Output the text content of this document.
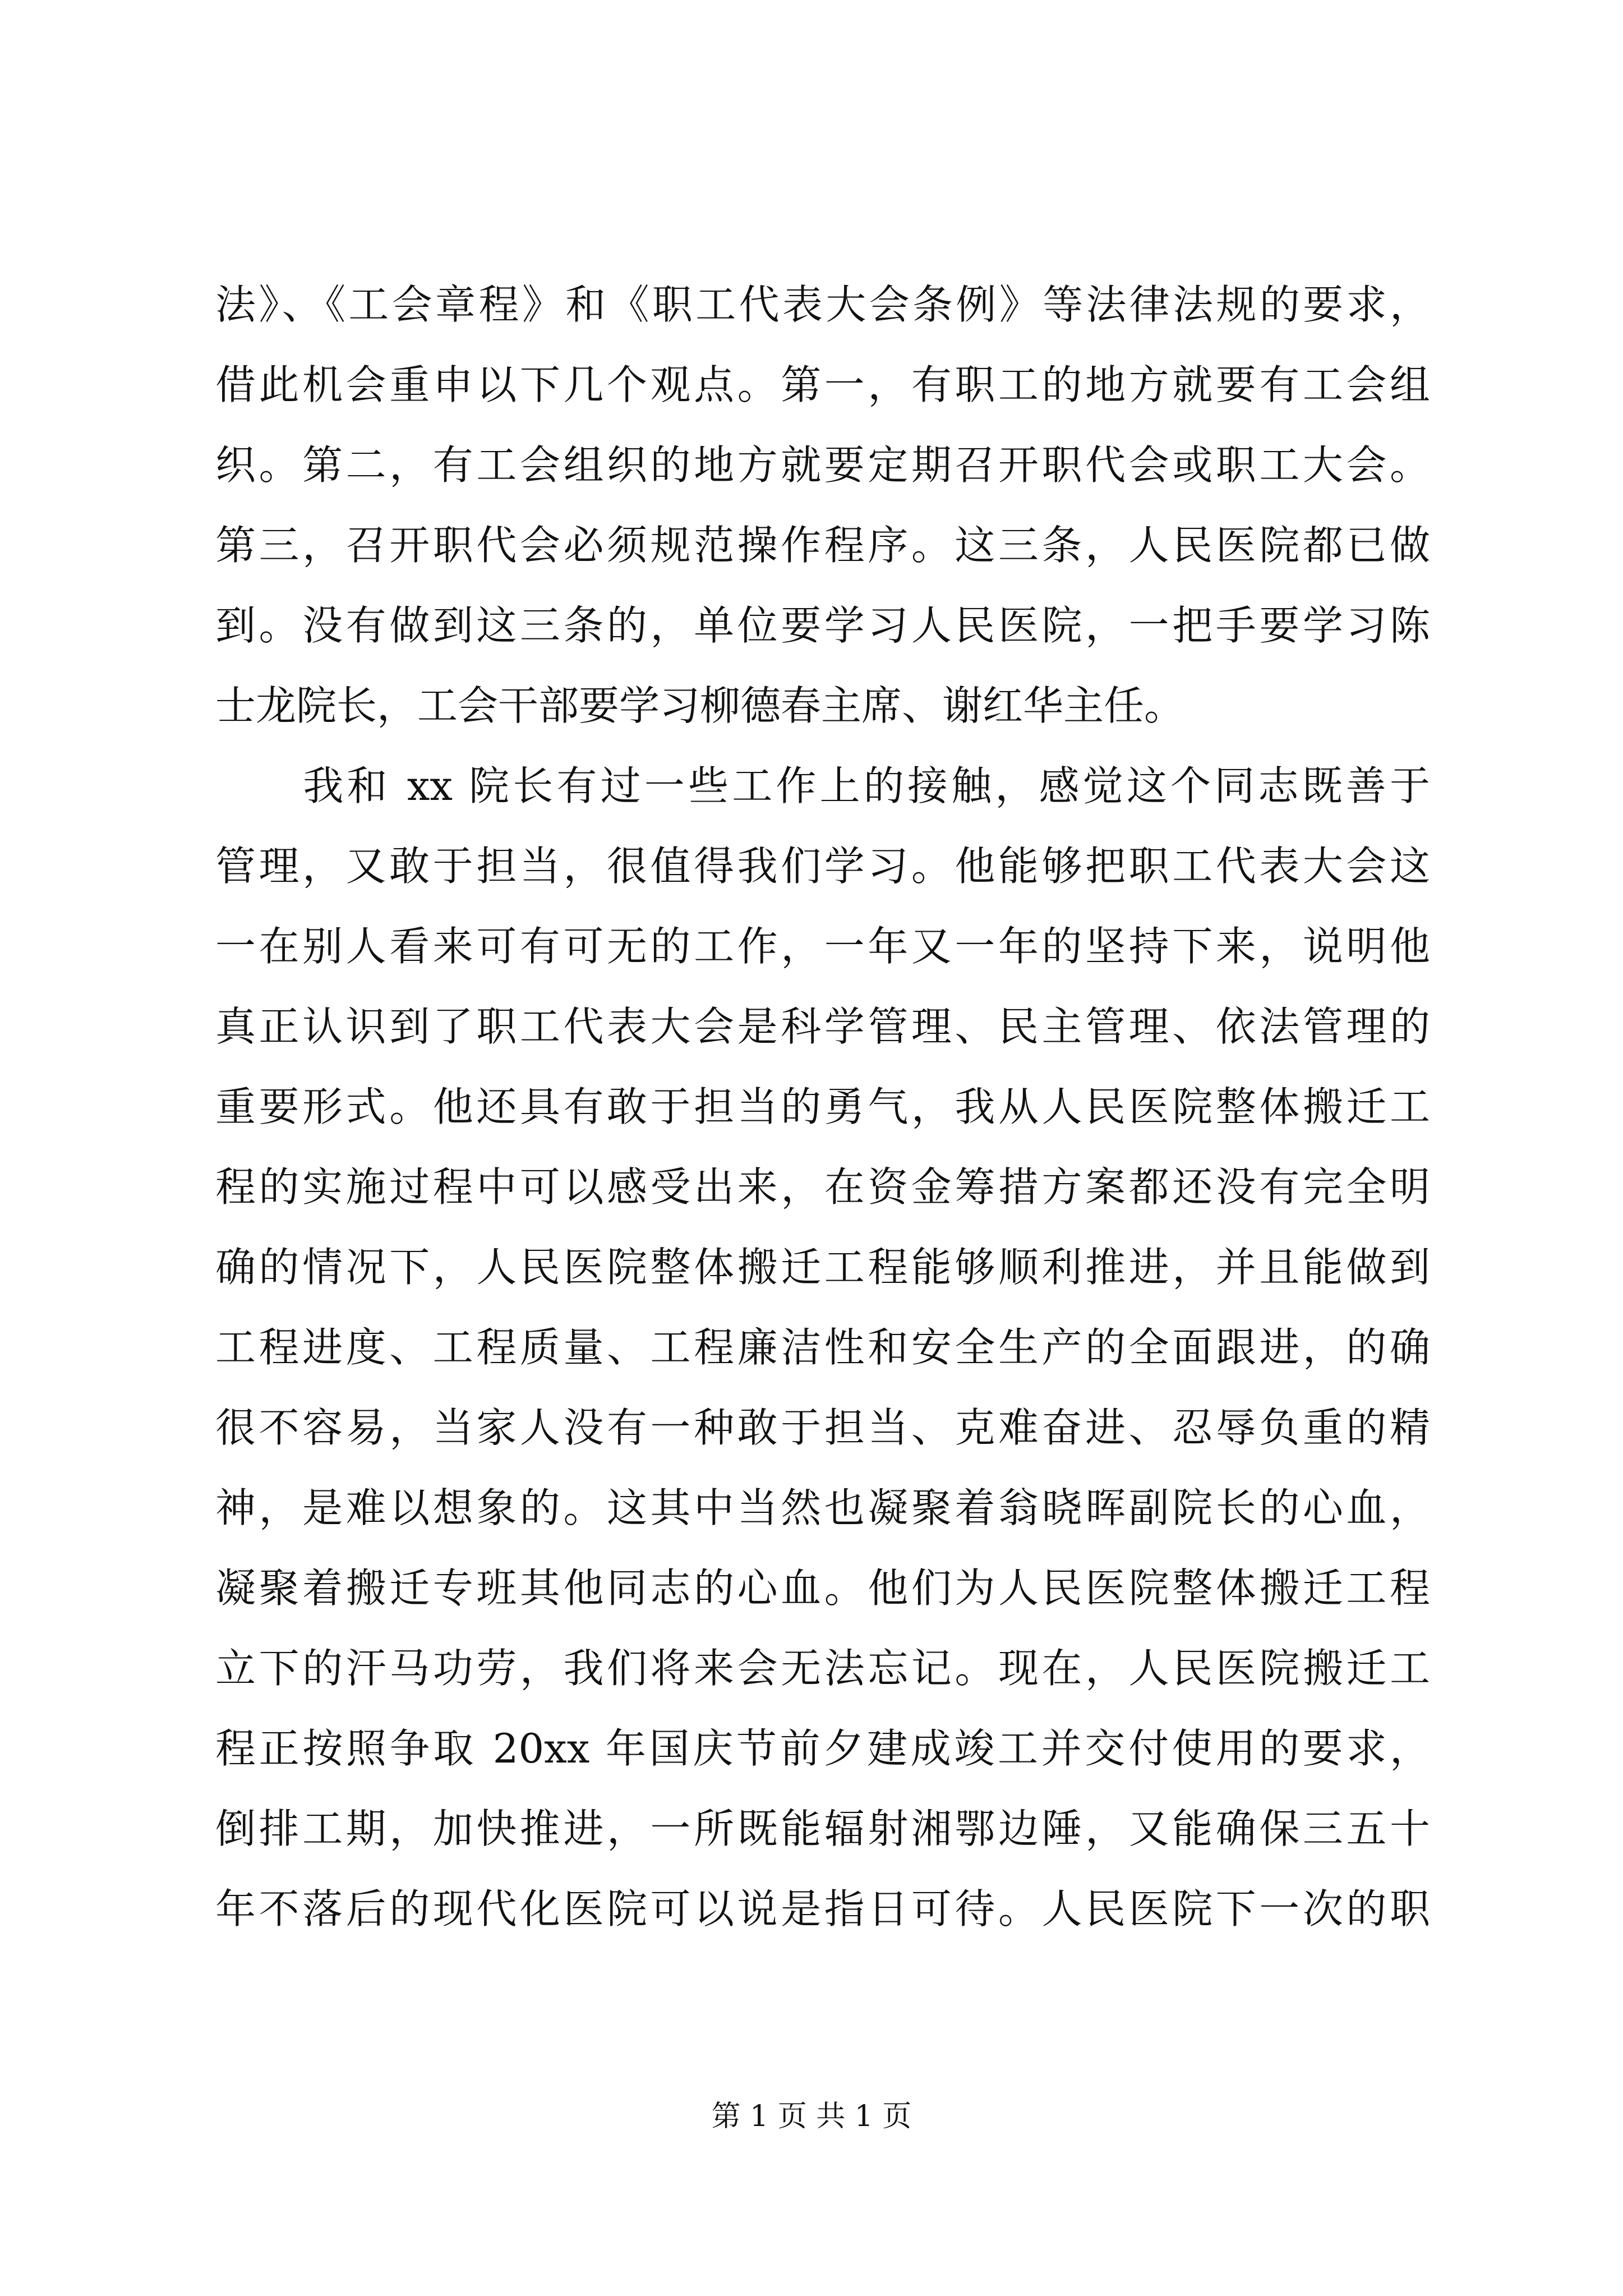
法》、《工会章程》和《职工代表大会条例》等法律法规的要求，
借此机会重申以下几个观点。第一，有职工的地方就要有工会组
织。第二，有工会组织的地方就要定期召开职代会或职工大会。
第三，召开职代会必须规范操作程序。这三条，人民医院都已做
到。没有做到这三条的，单位要学习人民医院，一把手要学习陈
士龙院长，工会干部要学习柳德春主席、谢红华主任。
　　我和 xx 院长有过一些工作上的接触，感觉这个同志既善于
管理，又敢于担当，很值得我们学习。他能够把职工代表大会这
一在别人看来可有可无的工作，一年又一年的坚持下来，说明他
真正认识到了职工代表大会是科学管理、民主管理、依法管理的
重要形式。他还具有敢于担当的勇气，我从人民医院整体搬迁工
程的实施过程中可以感受出来，在资金筹措方案都还没有完全明
确的情况下，人民医院整体搬迁工程能够顺利推进，并且能做到
工程进度、工程质量、工程廉洁性和安全生产的全面跟进，的确
很不容易，当家人没有一种敢于担当、克难奋进、忍辱负重的精
神，是难以想象的。这其中当然也凝聚着翁晓晖副院长的心血，
凝聚着搬迁专班其他同志的心血。他们为人民医院整体搬迁工程
立下的汗马功劳，我们将来会无法忘记。现在，人民医院搬迁工
程正按照争取 20xx 年国庆节前夕建成竣工并交付使用的要求，
倒排工期，加快推进，一所既能辐射湘鄂边陲，又能确保三五十
年不落后的现代化医院可以说是指日可待。人民医院下一次的职
第 1 页 共 1 页
